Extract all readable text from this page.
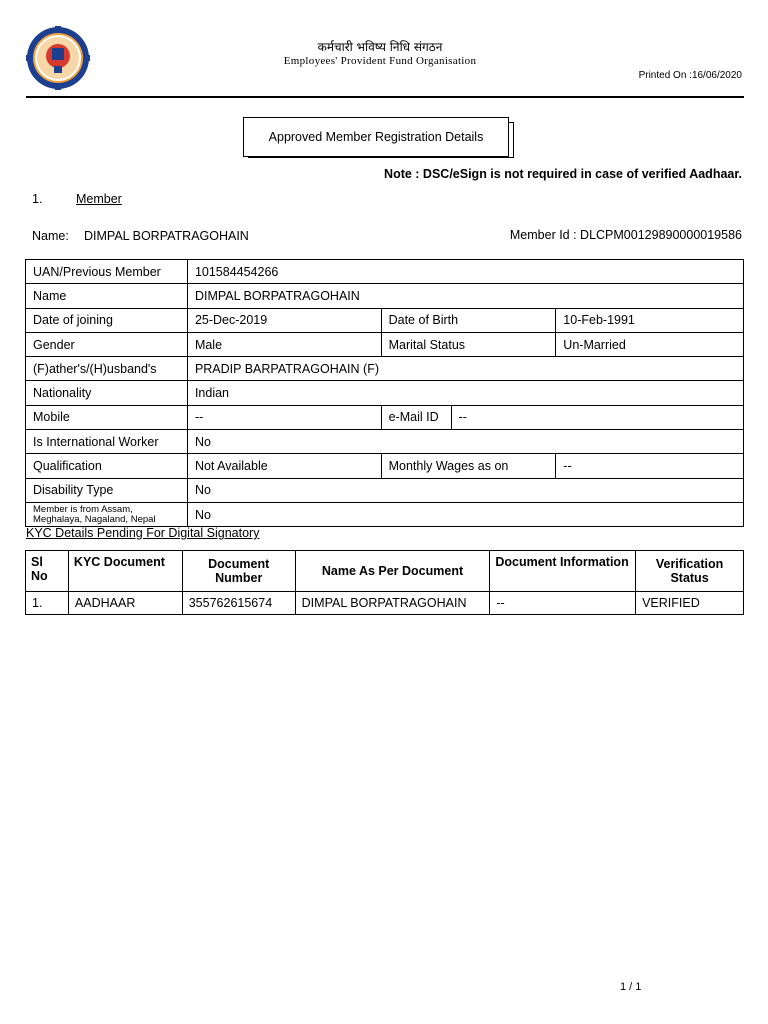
कर्मचारी भविष्य निधि संगठन
Employees' Provident Fund Organisation
Printed On :16/06/2020
Approved Member Registration Details
Note : DSC/eSign is not required in case of verified Aadhaar.
1.	Member
Name: DIMPAL BORPATRAGOHAIN	Member Id : DLCPM00129890000019586
UAN/Previous Member	101584454266			
Name	DIMPAL BORPATRAGOHAIN			
Date of joining	25-Dec-2019	Date of Birth		10-Feb-1991
Gender	Male	Marital Status		Un-Married
(F)ather's/(H)usband's	PRADIP BARPATRAGOHAIN (F)			
Nationality	Indian			
Mobile	--	e-Mail ID	--	
Is International Worker	No			
Qualification	Not Available	Monthly Wages as on		--
Disability Type	No			
Member is from Assam, Meghalaya, Nagaland, Nepal	No			
KYC Details Pending For Digital Signatory
Sl No	KYC Document	Document Number	Name As Per Document	Document Information	Verification Status
1.	AADHAAR	355762615674	DIMPAL BORPATRAGOHAIN	--	VERIFIED
1 / 1
